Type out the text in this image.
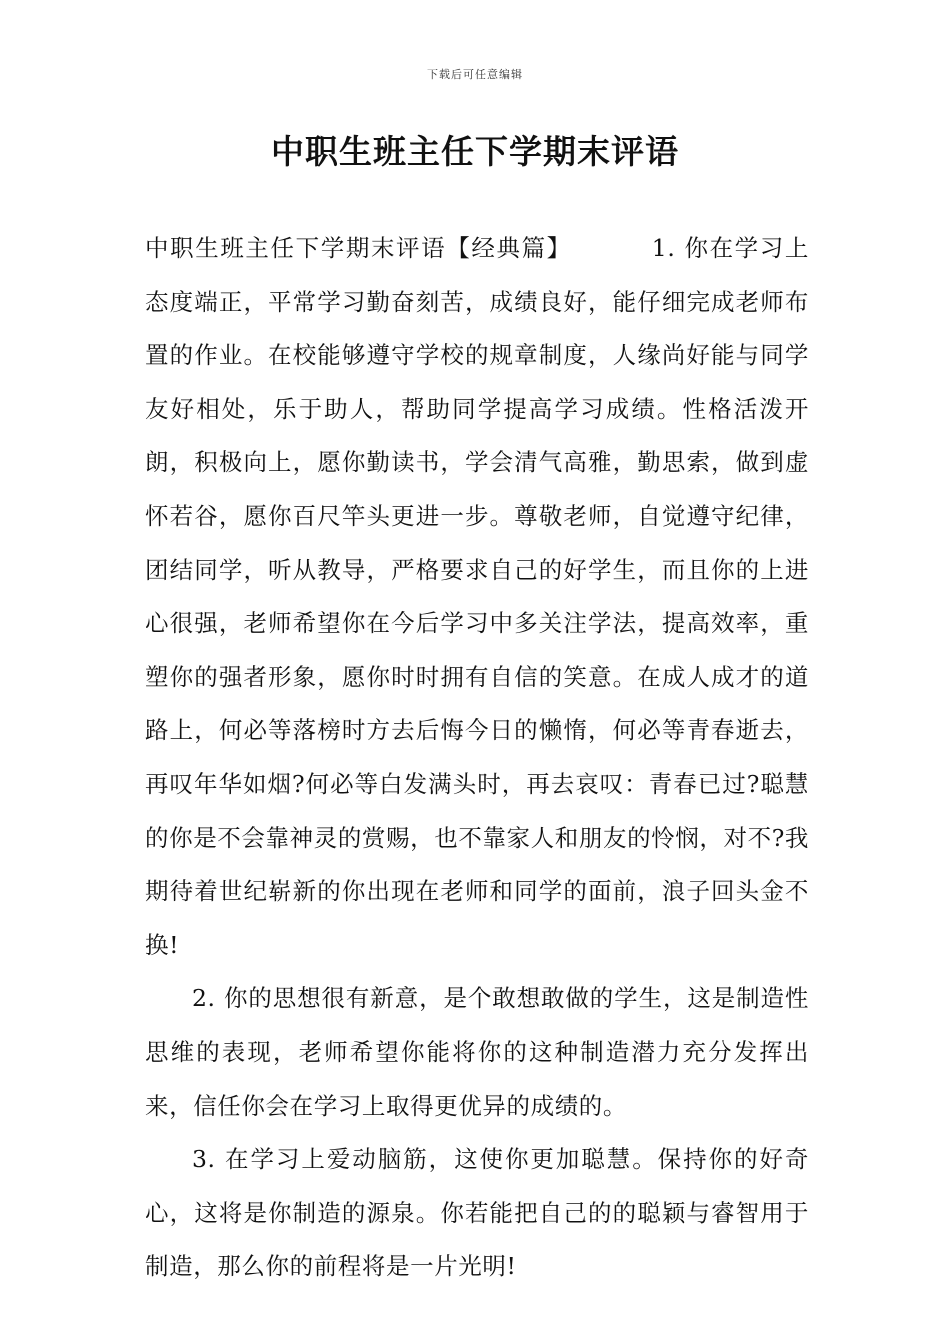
下载后可任意编辑
中职生班主任下学期末评语

中职生班主任下学期末评语【经典篇】	1. 你在学习上态度端正，平常学习勤奋刻苦，成绩良好，能仔细完成老师布置的作业。在校能够遵守学校的规章制度，人缘尚好能与同学友好相处，乐于助人，帮助同学提高学习成绩。性格活泼开朗，积极向上，愿你勤读书，学会清气高雅，勤思索，做到虚怀若谷，愿你百尺竿头更进一步。尊敬老师，自觉遵守纪律，团结同学，听从教导，严格要求自己的好学生，而且你的上进心很强，老师希望你在今后学习中多关注学法，提高效率，重塑你的强者形象，愿你时时拥有自信的笑意。在成人成才的道路上，何必等落榜时方去后悔今日的懒惰，何必等青春逝去，再叹年华如烟?何必等白发满头时，再去哀叹：青春已过?聪慧的你是不会靠神灵的赏赐，也不靠家人和朋友的怜悯，对不?我期待着世纪崭新的你出现在老师和同学的面前，浪子回头金不换!

2. 你的思想很有新意，是个敢想敢做的学生，这是制造性思维的表现，老师希望你能将你的这种制造潜力充分发挥出来，信任你会在学习上取得更优异的成绩的。

3. 在学习上爱动脑筋，这使你更加聪慧。保持你的好奇心，这将是你制造的源泉。你若能把自己的的聪颖与睿智用于制造，那么你的前程将是一片光明!
